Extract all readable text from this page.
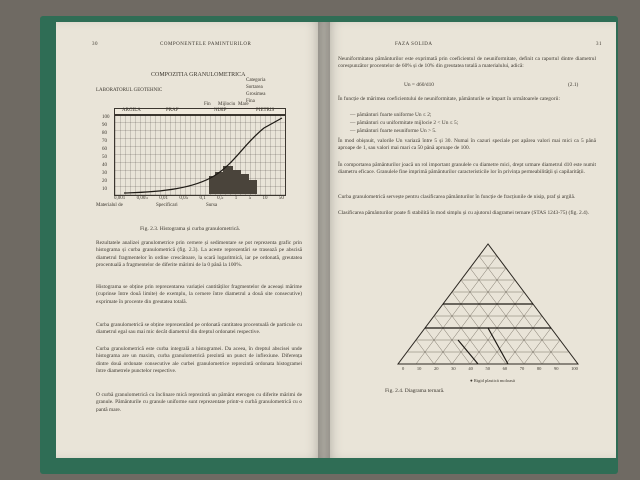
30	COMPONENTELE PAMINTURILOR	FAZA SOLIDA	31
COMPOZITIA GRANULOMETRICA
LABORATORUL GEOTEHNIC
Categoria
Sortarea
Grosimea
Fina
ARGILA	PRAF	NISIP	PIETRIS
Fin Mijlociu Mare
100
90
80
70
60
50
40
30
20
10
0,001 0,005 0,01 0,05 0,1 0,5 1 5 10 50
Materialul de	Specificari	Sursa
Fig. 2.3. Histograma și curba granulometrică.
Rezultatele analizei granulometrice prin cernere și sedimentare se pot reprezenta grafic prin histograma și curba granulometrică (fig. 2.3). La aceste reprezentări se trasează pe abscisă diametrul fragmentelor în ordine crescătoare, la scară logaritmică, iar pe ordonată, greutatea procentuală a fragmentelor de diferite mărimi de la 0 până la 100%.
Histograma se obține prin reprezentarea variației cantităților fragmentelor de aceeași mărime (cuprinse între două limite) de exemplu, la cernere între diametrul a două site consecutive) exprimate în procente din greutatea totală.
Curba granulometrică se obține reprezentând pe ordonată cantitatea procentuală de particule cu diametrul egal sau mai mic decât diametrul din dreptul ordonatei respective.
Curba granulometrică este curba integrală a histogramei. Da aceea, în dreptul abscisei unde histograma are un maxim, curba granulometrică prezintă un punct de inflexiune. Diferența dintre două ordonate consecutive ale curbei granulometrice reprezintă ordonata histogramei între diametrele punctelor respective.
O curbă granulometrică cu înclinare mică reprezintă un pământ eterogen cu diferite mărimi de granule. Pământurile cu granule uniforme sunt reprezentate printr-o curbă granulometrică cu o pantă mare.
Neuniformitatea pământurilor este exprimată prin coeficientul de neuniformitate, definit ca raportul dintre diametrul corespunzător procentelor de 60% și de 10% din greutatea totală a materialului, adică:
Un = d60/d10	(2.1)
În funcție de mărimea coeficientului de neuniformitate, pământurile se împart în următoarele categorii:
— pământuri foarte uniforme Un ≤ 2;
— pământuri cu uniformitate mijlocie 2 < Un ≤ 5;
— pământuri foarte neuniforme Un > 5.
În mod obișnuit, valorile Un variază între 5 și 30. Numai în cazuri speciale pot apărea valori mai mici ca 5 până aproape de 1, sau valori mai mari ca 50 până aproape de 100.
În comportarea pământurilor joacă un rol important granulele cu diametre mici, drept urmare diametrul d10 este numit diametru eficace. Granulele fine imprimă pământurilor caracteristicile lor în privința permeabilității și capilarității.
Curba granulometrică servește pentru clasificarea pământurilor în funcție de fracțiunile de nisip, praf și argilă.
Clasificarea pământurilor poate fi stabilită în mod simplu și cu ajutorul diagramei ternare (STAS 1243-75) (fig. 2.4).
0	10	20	30	40	50	60	70	80	90	100
● Rigid plastică moloasă
Fig. 2.4. Diagrama ternară.
